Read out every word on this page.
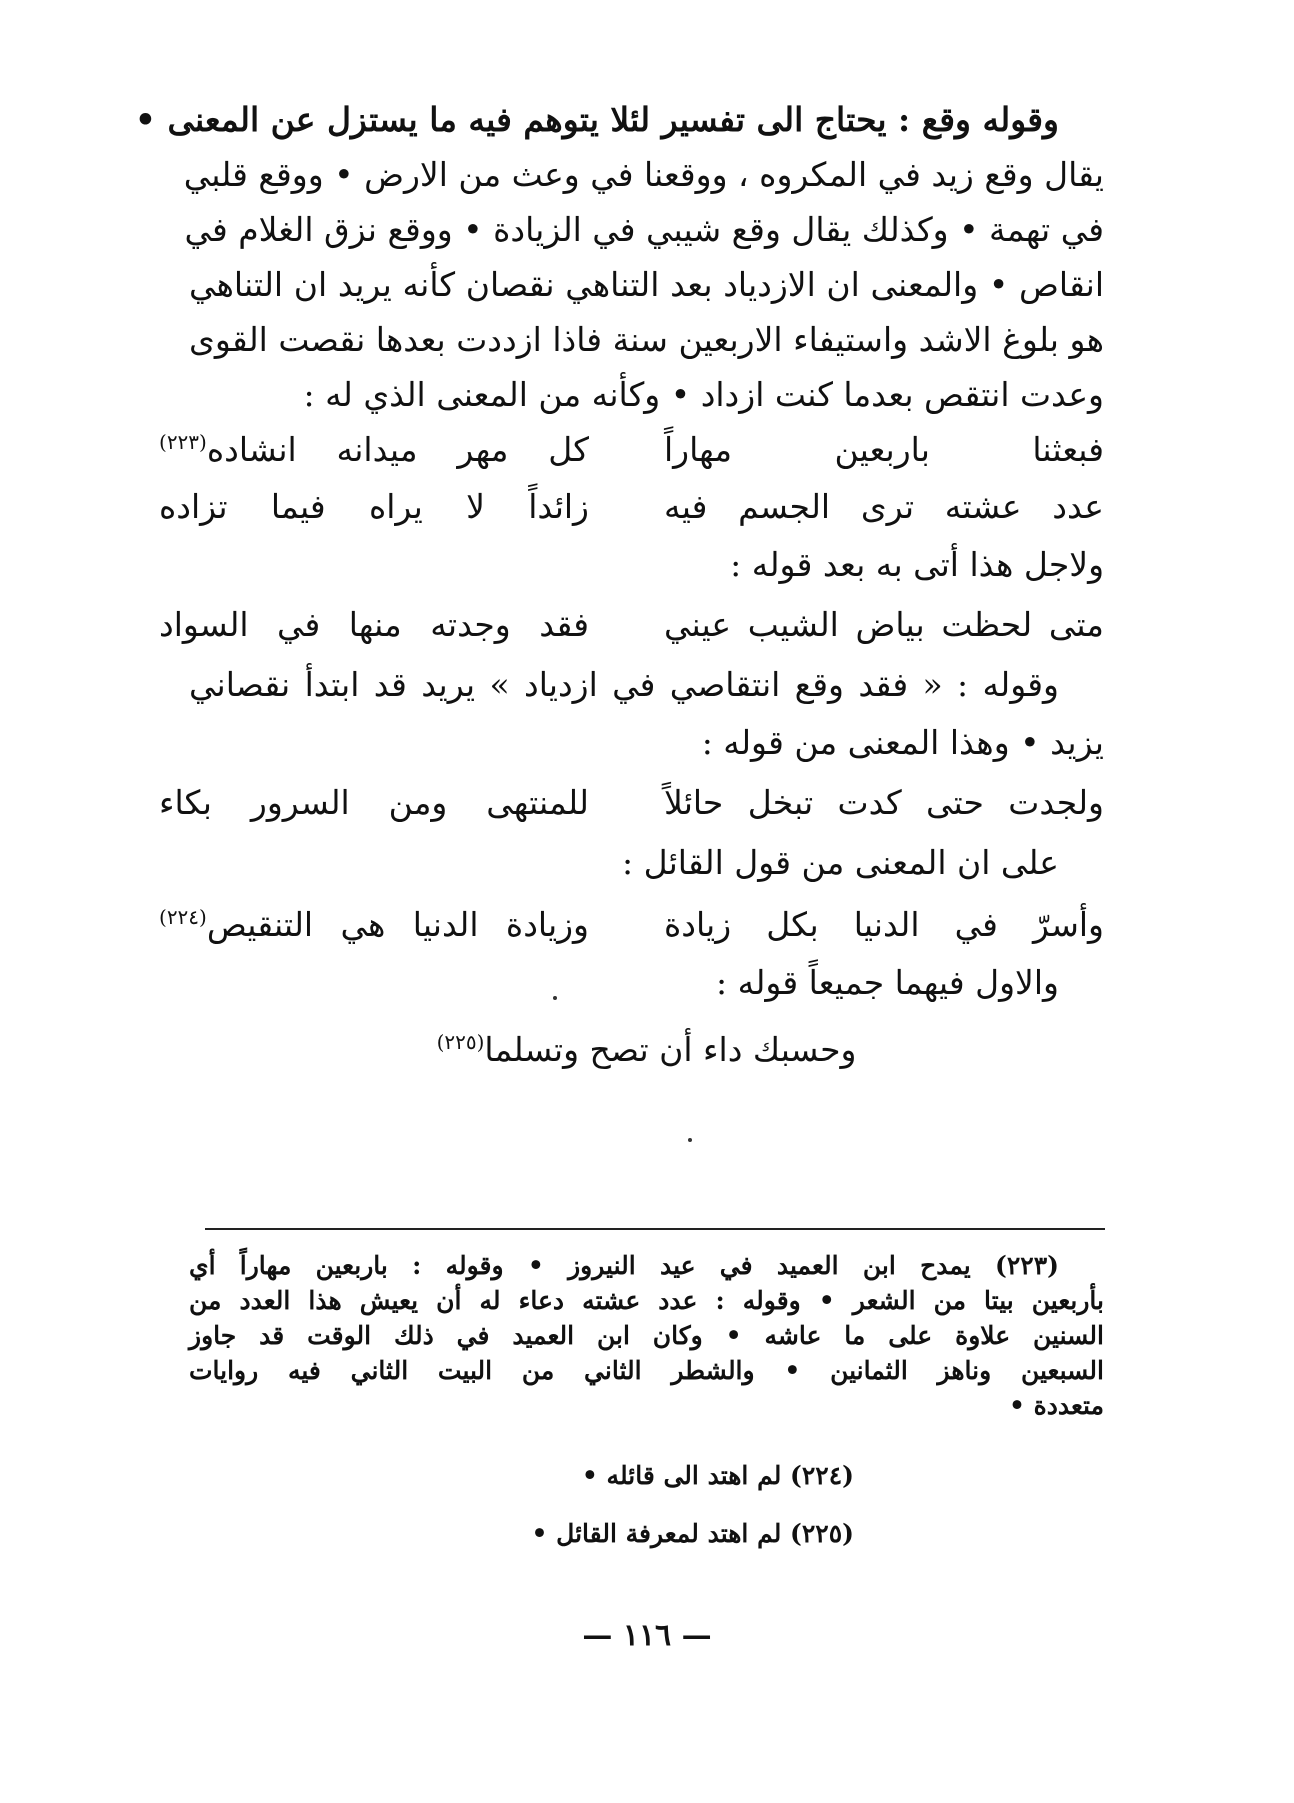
وقوله وقع : يحتاج الى تفسير لئلا يتوهم فيه ما يستزل عن المعنى •
يقال وقع زيد في المكروه ، ووقعنا في وعث من الارض • ووقع قلبي
في تهمة • وكذلك يقال وقع شيبي في الزيادة • ووقع نزق الغلام في
انقاص • والمعنى ان الازدياد بعد التناهي نقصان كأنه يريد ان التناهي
هو بلوغ الاشد واستيفاء الاربعين سنة فاذا ازددت بعدها نقصت القوى
وعدت انتقص بعدما كنت ازداد • وكأنه من المعنى الذي له :
فبعثنا باربعين مهاراً
كل مهر ميدانه انشاده$^{(٢٢٣)}$
عدد عشته ترى الجسم فيه
زائداً لا يراه فيما تزاده
ولاجل هذا أتى به بعد قوله :
متى لحظت بياض الشيب عيني
فقد وجدته منها في السواد
وقوله : « فقد وقع انتقاصي في ازدياد » يريد قد ابتدأ نقصاني
يزيد • وهذا المعنى من قوله :
ولجدت حتى كدت تبخل حائلاً
للمنتهى ومن السرور بكاء
على ان المعنى من قول القائل :
وأسرّ في الدنيا بكل زيادة
وزيادة الدنيا هي التنقيص$^{(٢٢٤)}$
والاول فيهما جميعاً قوله :
وحسبك داء أن تصح وتسلما$^{(٢٢٥)}$
(٢٢٣) يمدح ابن العميد في عيد النيروز • وقوله : باربعين مهاراً أي
بأربعين بيتا من الشعر • وقوله : عدد عشته دعاء له أن يعيش هذا العدد من
السنين علاوة على ما عاشه • وكان ابن العميد في ذلك الوقت قد جاوز
السبعين وناهز الثمانين • والشطر الثاني من البيت الثاني فيه روايات
متعددة •
(٢٢٤) لم اهتد الى قائله •
(٢٢٥) لم اهتد لمعرفة القائل •
— ١١٦ —
